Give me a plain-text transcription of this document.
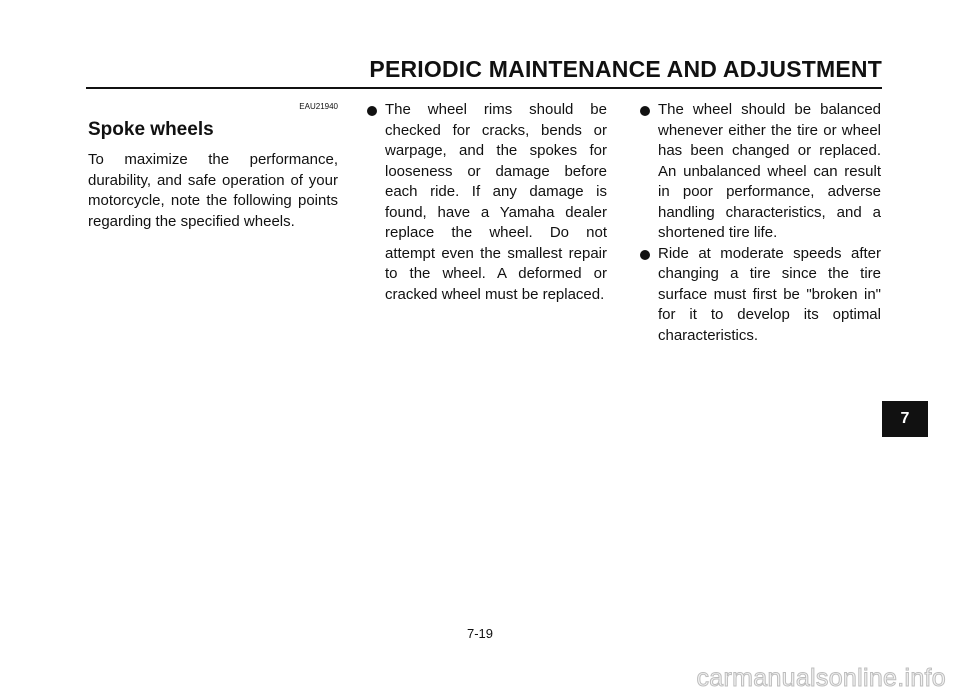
PERIODIC MAINTENANCE AND ADJUSTMENT
EAU21940
Spoke wheels
To maximize the performance, durability, and safe operation of your motorcycle, note the following points regarding the specified wheels.
The wheel rims should be checked for cracks, bends or warpage, and the spokes for looseness or damage before each ride. If any damage is found, have a Yamaha dealer replace the wheel. Do not attempt even the smallest repair to the wheel. A deformed or cracked wheel must be replaced.
The wheel should be balanced whenever either the tire or wheel has been changed or replaced. An unbalanced wheel can result in poor performance, adverse handling characteristics, and a shortened tire life.
Ride at moderate speeds after changing a tire since the tire surface must first be "broken in" for it to develop its optimal characteristics.
7
7-19
carmanualsonline.info
